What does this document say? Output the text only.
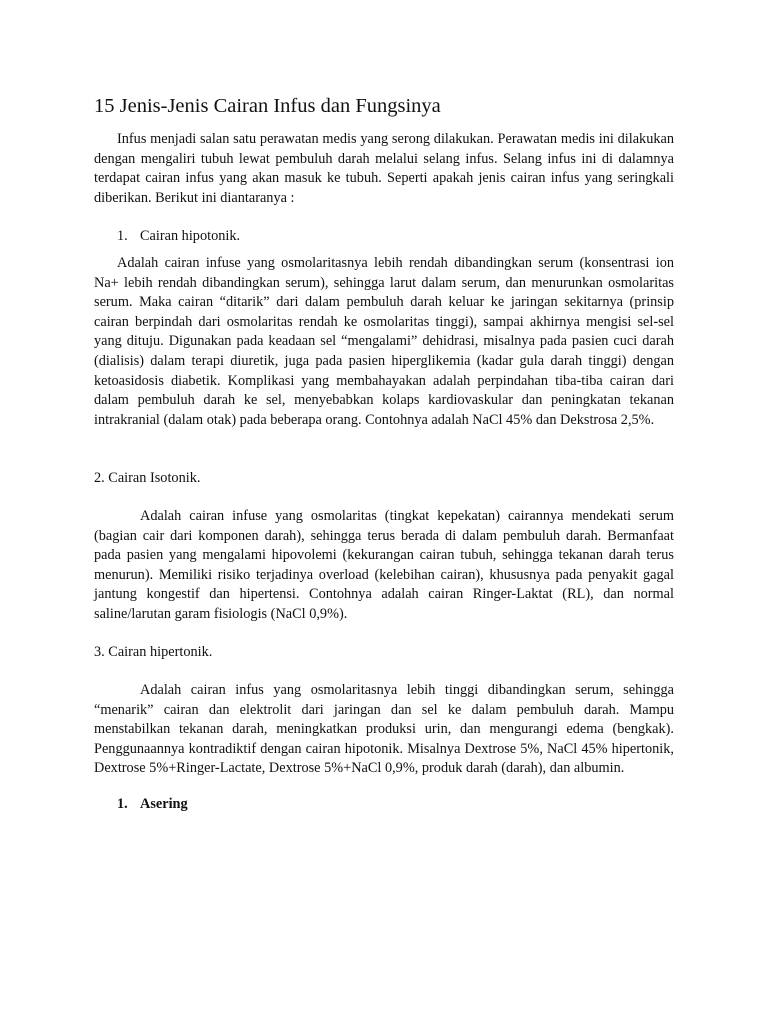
15 Jenis-Jenis Cairan Infus dan Fungsinya

Infus menjadi salan satu perawatan medis yang serong dilakukan. Perawatan medis ini dilakukan dengan mengaliri tubuh lewat pembuluh darah melalui selang infus. Selang infus ini di dalamnya terdapat cairan infus yang akan masuk ke tubuh. Seperti apakah jenis cairan infus yang seringkali diberikan. Berikut ini diantaranya :

1. Cairan hipotonik.

Adalah cairan infuse yang osmolaritasnya lebih rendah dibandingkan serum (konsentrasi ion Na+ lebih rendah dibandingkan serum), sehingga larut dalam serum, dan menurunkan osmolaritas serum. Maka cairan “ditarik” dari dalam pembuluh darah keluar ke jaringan sekitarnya (prinsip cairan berpindah dari osmolaritas rendah ke osmolaritas tinggi), sampai akhirnya mengisi sel-sel yang dituju. Digunakan pada keadaan sel “mengalami” dehidrasi, misalnya pada pasien cuci darah (dialisis) dalam terapi diuretik, juga pada pasien hiperglikemia (kadar gula darah tinggi) dengan ketoasidosis diabetik. Komplikasi yang membahayakan adalah perpindahan tiba-tiba cairan dari dalam pembuluh darah ke sel, menyebabkan kolaps kardiovaskular dan peningkatan tekanan intrakranial (dalam otak) pada beberapa orang. Contohnya adalah NaCl 45% dan Dekstrosa 2,5%.

2. Cairan Isotonik.

Adalah cairan infuse yang osmolaritas (tingkat kepekatan) cairannya mendekati serum (bagian cair dari komponen darah), sehingga terus berada di dalam pembuluh darah. Bermanfaat pada pasien yang mengalami hipovolemi (kekurangan cairan tubuh, sehingga tekanan darah terus menurun). Memiliki risiko terjadinya overload (kelebihan cairan), khususnya pada penyakit gagal jantung kongestif dan hipertensi. Contohnya adalah cairan Ringer-Laktat (RL), dan normal saline/larutan garam fisiologis (NaCl 0,9%).

3. Cairan hipertonik.

Adalah cairan infus yang osmolaritasnya lebih tinggi dibandingkan serum, sehingga “menarik” cairan dan elektrolit dari jaringan dan sel ke dalam pembuluh darah. Mampu menstabilkan tekanan darah, meningkatkan produksi urin, dan mengurangi edema (bengkak). Penggunaannya kontradiktif dengan cairan hipotonik. Misalnya Dextrose 5%, NaCl 45% hipertonik, Dextrose 5%+Ringer-Lactate, Dextrose 5%+NaCl 0,9%, produk darah (darah), dan albumin.

1. Asering
